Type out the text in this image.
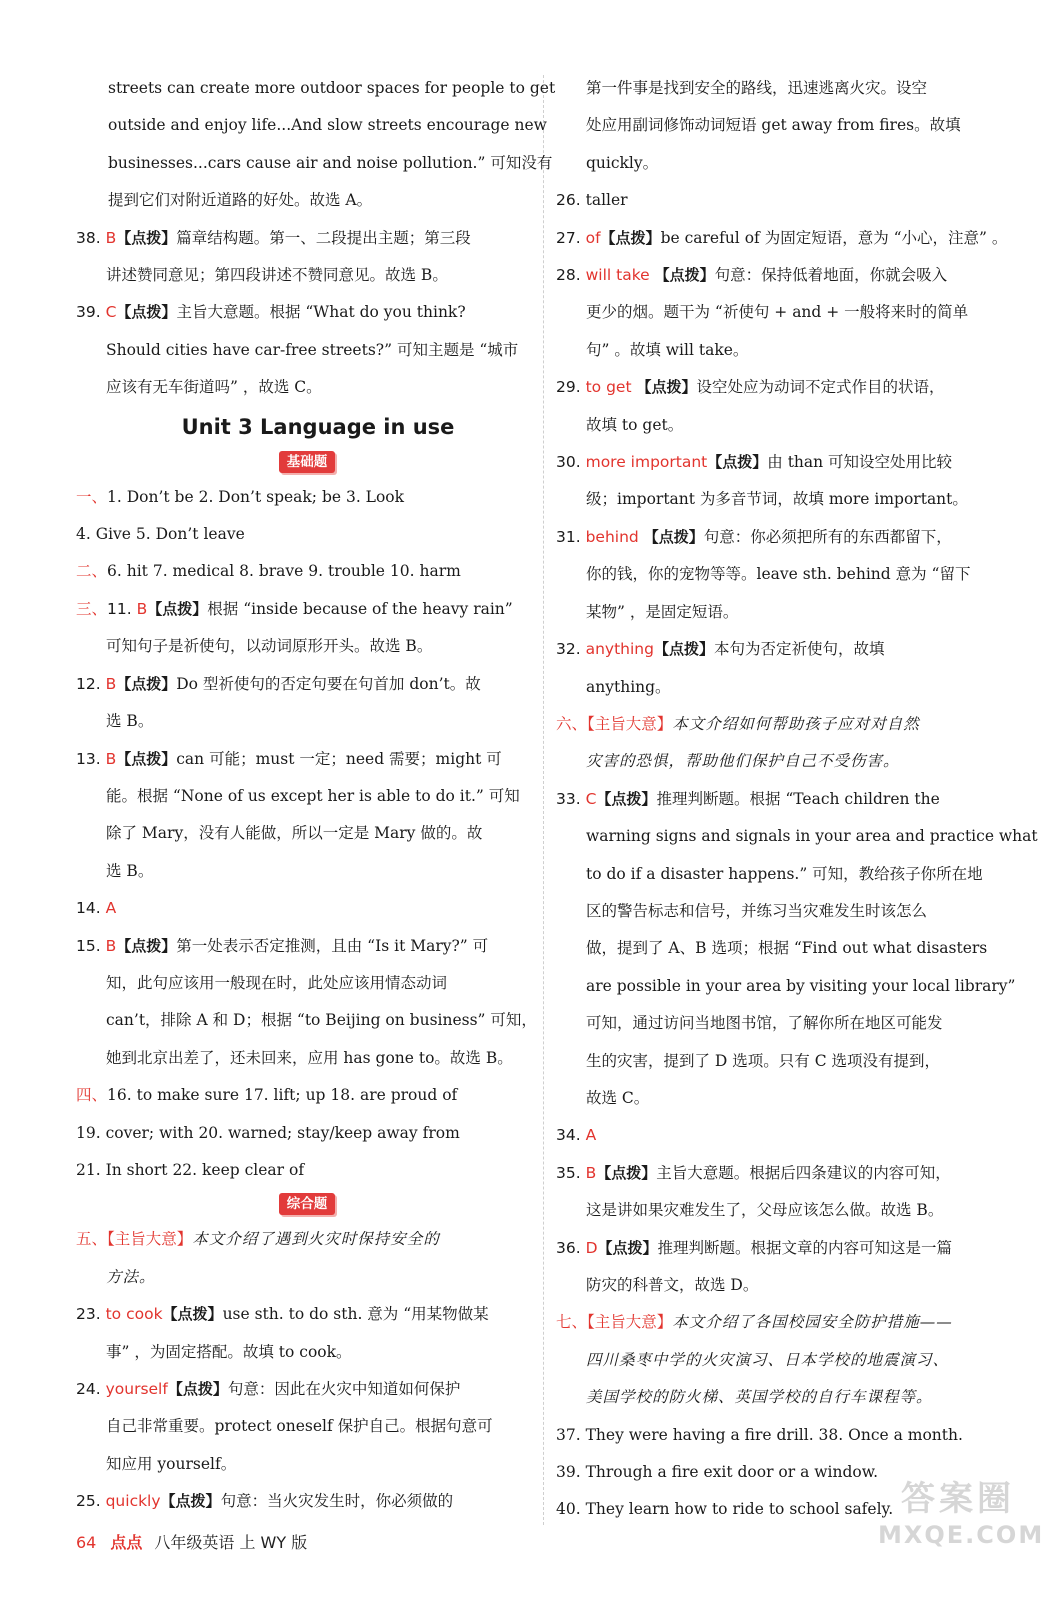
streets can create more outdoor spaces for people to get
outside and enjoy life...And slow streets encourage new
businesses...cars cause air and noise pollution.” 可知没有
提到它们对附近道路的好处。故选 A。
38. B【点拨】篇章结构题。第一、二段提出主题；第三段
讲述赞同意见；第四段讲述不赞同意见。故选 B。
39. C【点拨】主旨大意题。根据 “What do you think?
Should cities have car-free streets?” 可知主题是 “城市
应该有无车街道吗” ，故选 C。
Unit 3 Language in use
基础题
一、1. Don’t be 2. Don’t speak; be 3. Look
4. Give 5. Don’t leave
二、6. hit 7. medical 8. brave 9. trouble 10. harm
三、11. B【点拨】根据 “inside because of the heavy rain”
可知句子是祈使句，以动词原形开头。故选 B。
12. B【点拨】Do 型祈使句的否定句要在句首加 don’t。故
选 B。
13. B【点拨】can 可能；must 一定；need 需要；might 可
能。根据 “None of us except her is able to do it.” 可知
除了 Mary，没有人能做，所以一定是 Mary 做的。故
选 B。
14. A
15. B【点拨】第一处表示否定推测，且由 “Is it Mary?” 可
知，此句应该用一般现在时，此处应该用情态动词
can’t，排除 A 和 D；根据 “to Beijing on business” 可知，
她到北京出差了，还未回来，应用 has gone to。故选 B。
四、16. to make sure 17. lift; up 18. are proud of
19. cover; with 20. warned; stay/keep away from
21. In short 22. keep clear of
综合题
五、【主旨大意】本文介绍了遇到火灾时保持安全的
方法。
23. to cook【点拨】use sth. to do sth. 意为 “用某物做某
事” ，为固定搭配。故填 to cook。
24. yourself【点拨】句意：因此在火灾中知道如何保护
自己非常重要。protect oneself 保护自己。根据句意可
知应用 yourself。
25. quickly【点拨】句意：当火灾发生时，你必须做的
第一件事是找到安全的路线，迅速逃离火灾。设空
处应用副词修饰动词短语 get away from fires。故填
quickly。
26. taller
27. of【点拨】be careful of 为固定短语，意为 “小心，注意” 。
28. will take 【点拨】句意：保持低着地面，你就会吸入
更少的烟。题干为 “祈使句 + and + 一般将来时的简单
句” 。故填 will take。
29. to get 【点拨】设空处应为动词不定式作目的状语，
故填 to get。
30. more important【点拨】由 than 可知设空处用比较
级；important 为多音节词，故填 more important。
31. behind 【点拨】句意：你必须把所有的东西都留下，
你的钱，你的宠物等等。leave sth. behind 意为 “留下
某物” ，是固定短语。
32. anything【点拨】本句为否定祈使句，故填
anything。
六、【主旨大意】本文介绍如何帮助孩子应对对自然
灾害的恐惧，帮助他们保护自己不受伤害。
33. C【点拨】推理判断题。根据 “Teach children the
warning signs and signals in your area and practice what
to do if a disaster happens.” 可知，教给孩子你所在地
区的警告标志和信号，并练习当灾难发生时该怎么
做，提到了 A、B 选项；根据 “Find out what disasters
are possible in your area by visiting your local library”
可知，通过访问当地图书馆，了解你所在地区可能发
生的灾害，提到了 D 选项。只有 C 选项没有提到，
故选 C。
34. A
35. B【点拨】主旨大意题。根据后四条建议的内容可知，
这是讲如果灾难发生了，父母应该怎么做。故选 B。
36. D【点拨】推理判断题。根据文章的内容可知这是一篇
防灾的科普文，故选 D。
七、【主旨大意】本文介绍了各国校园安全防护措施——
四川桑枣中学的火灾演习、日本学校的地震演习、
美国学校的防火梯、英国学校的自行车课程等。
37. They were having a fire drill. 38. Once a month.
39. Through a fire exit door or a window.
40. They learn how to ride to school safely.
64 点点 八年级英语 上 WY 版
答案圈
MXQE.COM
